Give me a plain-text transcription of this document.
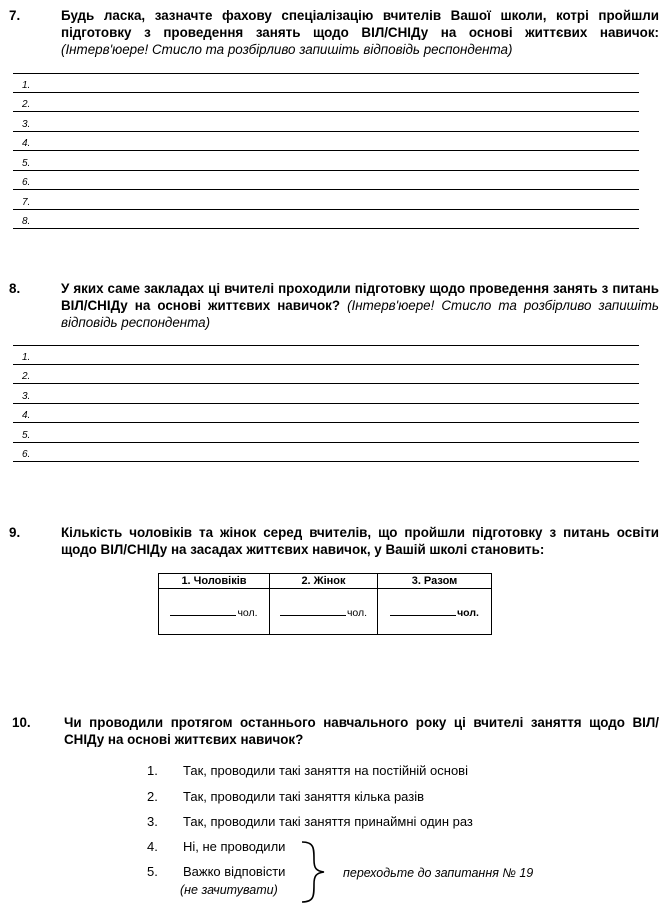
7.	Будь ласка, зазначте фахову спеціалізацію вчителів Вашої школи, котрі пройшли підготовку з проведення занять щодо ВІЛ/СНІДу на основі життєвих навичок: (Інтерв'юере! Стисло та розбірливо запишіть відповідь респондента)
1.
2.
3.
4.
5.
6.
7.
8.
8.	У яких саме закладах ці вчителі проходили підготовку щодо проведення занять з питань ВІЛ/СНІДу на основі життєвих навичок? (Інтерв'юере! Стисло та розбірливо запишіть відповідь респондента)
1.
2.
3.
4.
5.
6.
9.	Кількість чоловіків та жінок серед вчителів, що пройшли підготовку з питань освіти щодо ВІЛ/СНІДу на засадах життєвих навичок, у Вашій школі становить:
1. Чоловіків	2. Жінок	3. Разом
чол.	чол.	чол.
10. Чи проводили протягом останнього навчального року ці вчителі заняття щодо ВІЛ/СНІДу на основі життєвих навичок?
1. Так, проводили такі заняття на постійній основі
2. Так, проводили такі заняття кілька разів
3. Так, проводили такі заняття принаймні один раз
4. Ні, не проводили
5. Важко відповісти
(не зачитувати)
переходьте до запитання № 19
